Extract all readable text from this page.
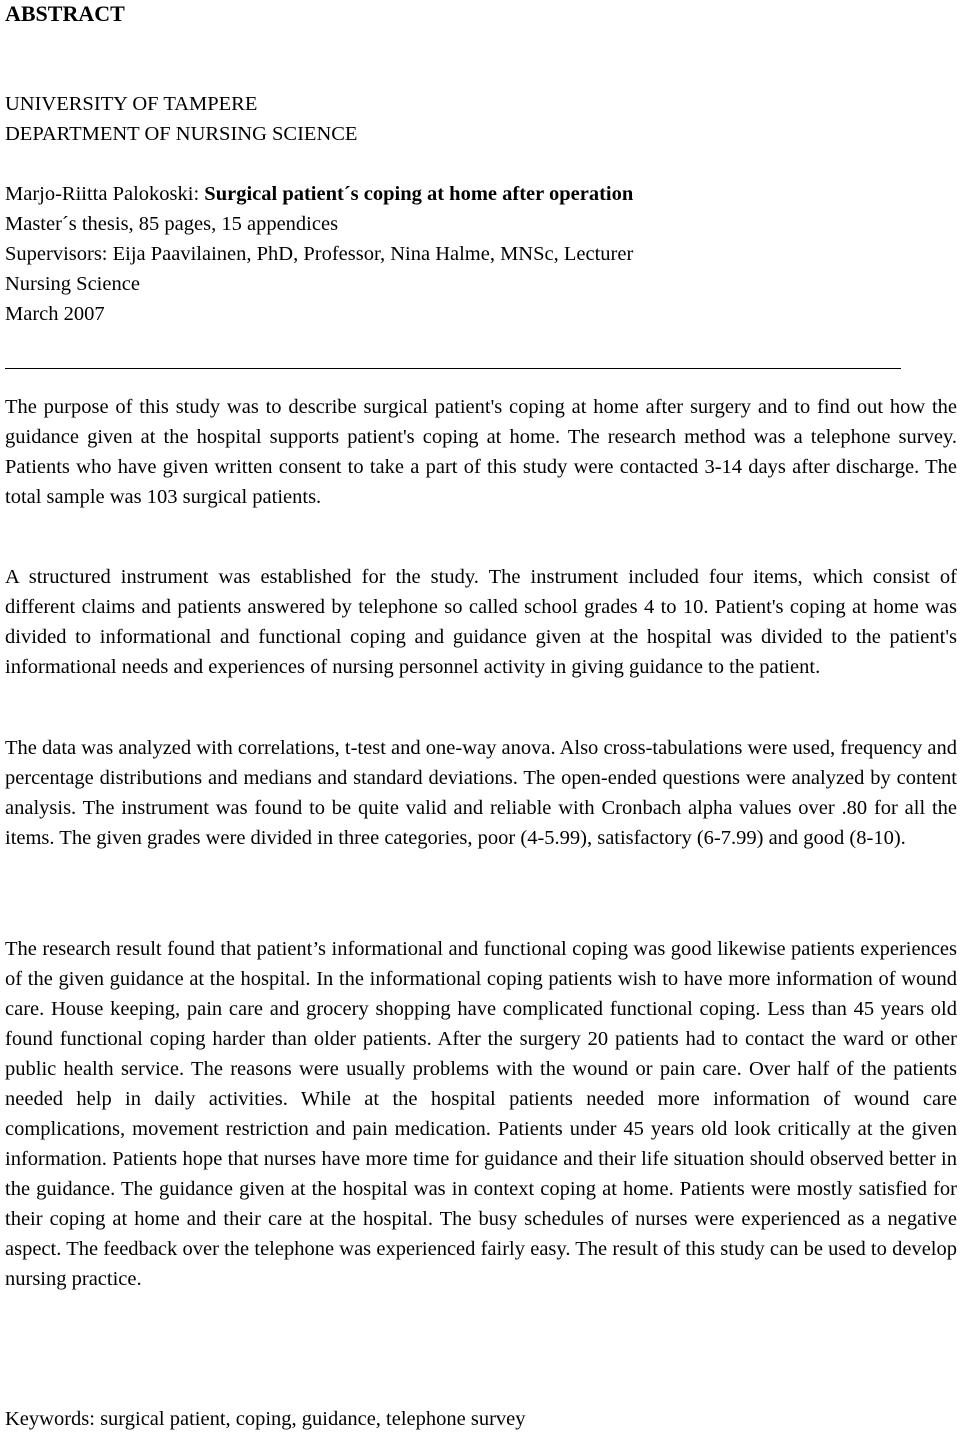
ABSTRACT
UNIVERSITY OF TAMPERE
DEPARTMENT OF NURSING SCIENCE
Marjo-Riitta Palokoski: Surgical patient´s coping at home after operation
Master´s thesis, 85 pages, 15 appendices
Supervisors: Eija Paavilainen, PhD, Professor, Nina Halme, MNSc, Lecturer
Nursing Science
March 2007

The purpose of this study was to describe surgical patient's coping at home after surgery and to find out how the guidance given at the hospital supports patient's coping at home. The research method was a telephone survey. Patients who have given written consent to take a part of this study were contacted 3-14 days after discharge. The total sample was 103 surgical patients.

A structured instrument was established for the study. The instrument included four items, which consist of different claims and patients answered by telephone so called school grades 4 to 10. Patient's coping at home was divided to informational and functional coping and guidance given at the hospital was divided to the patient's informational needs and experiences of nursing personnel activity in giving guidance to the patient.

The data was analyzed with correlations, t-test and one-way anova. Also cross-tabulations were used, frequency and percentage distributions and medians and standard deviations. The open-ended questions were analyzed by content analysis. The instrument was found to be quite valid and reliable with Cronbach alpha values over .80 for all the items. The given grades were divided in three categories, poor (4-5.99), satisfactory (6-7.99) and good (8-10).

The research result found that patient’s informational and functional coping was good likewise patients experiences of the given guidance at the hospital. In the informational coping patients wish to have more information of wound care. House keeping, pain care and grocery shopping have complicated functional coping. Less than 45 years old found functional coping harder than older patients. After the surgery 20 patients had to contact the ward or other public health service. The reasons were usually problems with the wound or pain care. Over half of the patients needed help in daily activities. While at the hospital patients needed more information of wound care complications, movement restriction and pain medication. Patients under 45 years old look critically at the given information. Patients hope that nurses have more time for guidance and their life situation should observed better in the guidance. The guidance given at the hospital was in context coping at home. Patients were mostly satisfied for their coping at home and their care at the hospital. The busy schedules of nurses were experienced as a negative aspect. The feedback over the telephone was experienced fairly easy. The result of this study can be used to develop nursing practice.

Keywords: surgical patient, coping, guidance, telephone survey
